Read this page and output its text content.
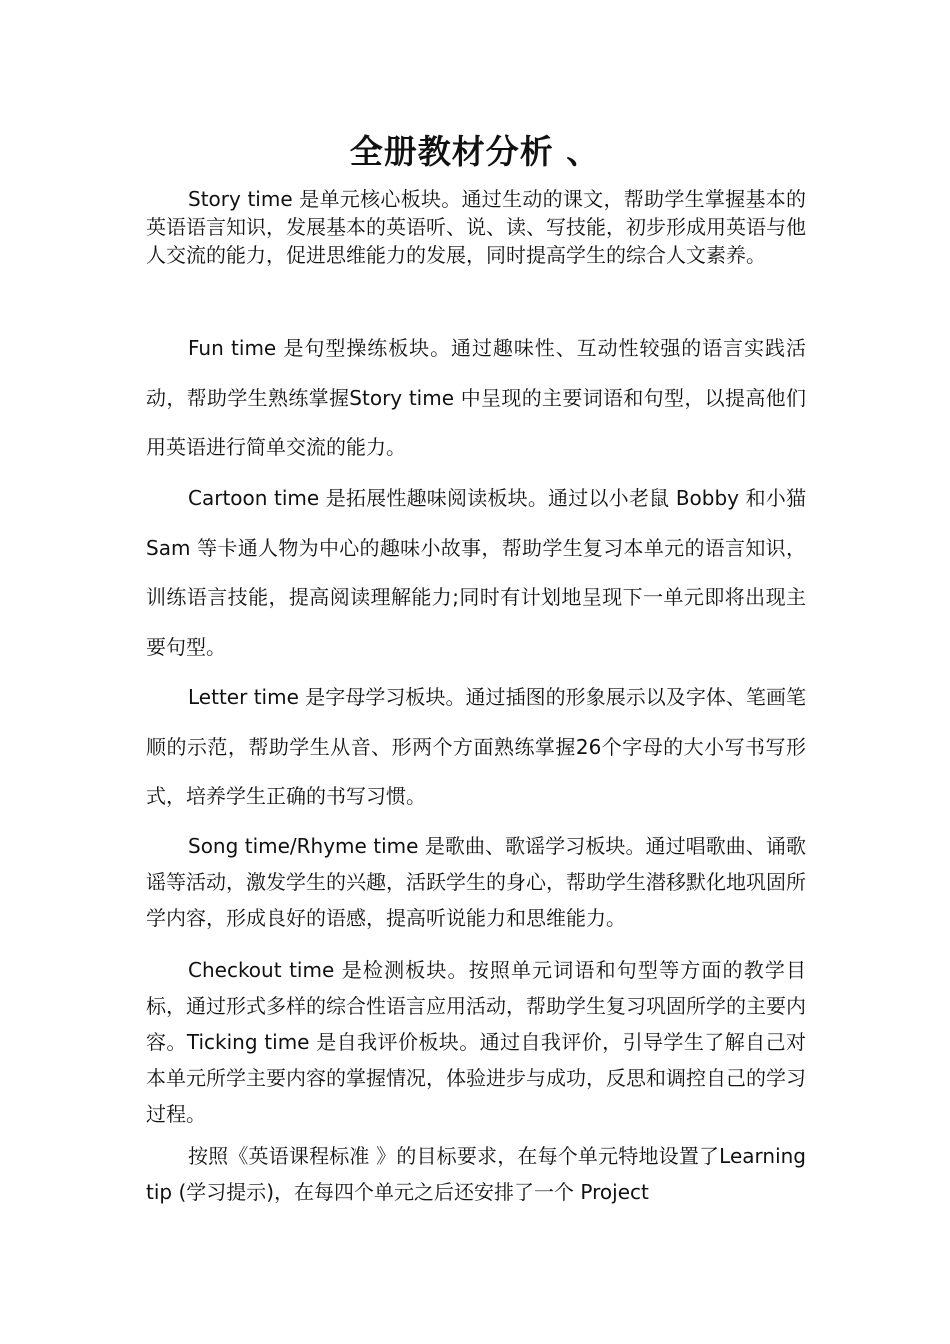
全册教材分析 、

Story time 是单元核心板块。通过生动的课文，帮助学生掌握基本的英语语言知识，发展基本的英语听、说、读、写技能，初步形成用英语与他人交流的能力，促进思维能力的发展，同时提高学生的综合人文素养。

Fun time 是句型操练板块。通过趣味性、互动性较强的语言实践活动，帮助学生熟练掌握Story time 中呈现的主要词语和句型，以提高他们用英语进行简单交流的能力。

Cartoon time 是拓展性趣味阅读板块。通过以小老鼠 Bobby 和小猫Sam 等卡通人物为中心的趣味小故事，帮助学生复习本单元的语言知识，训练语言技能，提高阅读理解能力;同时有计划地呈现下一单元即将出现主要句型。

Letter time 是字母学习板块。通过插图的形象展示以及字体、笔画笔顺的示范，帮助学生从音、形两个方面熟练掌握26个字母的大小写书写形式，培养学生正确的书写习惯。

Song time/Rhyme time 是歌曲、歌谣学习板块。通过唱歌曲、诵歌谣等活动，激发学生的兴趣，活跃学生的身心，帮助学生潜移默化地巩固所学内容，形成良好的语感，提高听说能力和思维能力。

Checkout time 是检测板块。按照单元词语和句型等方面的教学目标，通过形式多样的综合性语言应用活动，帮助学生复习巩固所学的主要内容。Ticking time 是自我评价板块。通过自我评价，引导学生了解自己对本单元所学主要内容的掌握情况，体验进步与成功，反思和调控自己的学习过程。

按照《英语课程标准 》的目标要求，在每个单元特地设置了Learning tip (学习提示)，在每四个单元之后还安排了一个 Project
